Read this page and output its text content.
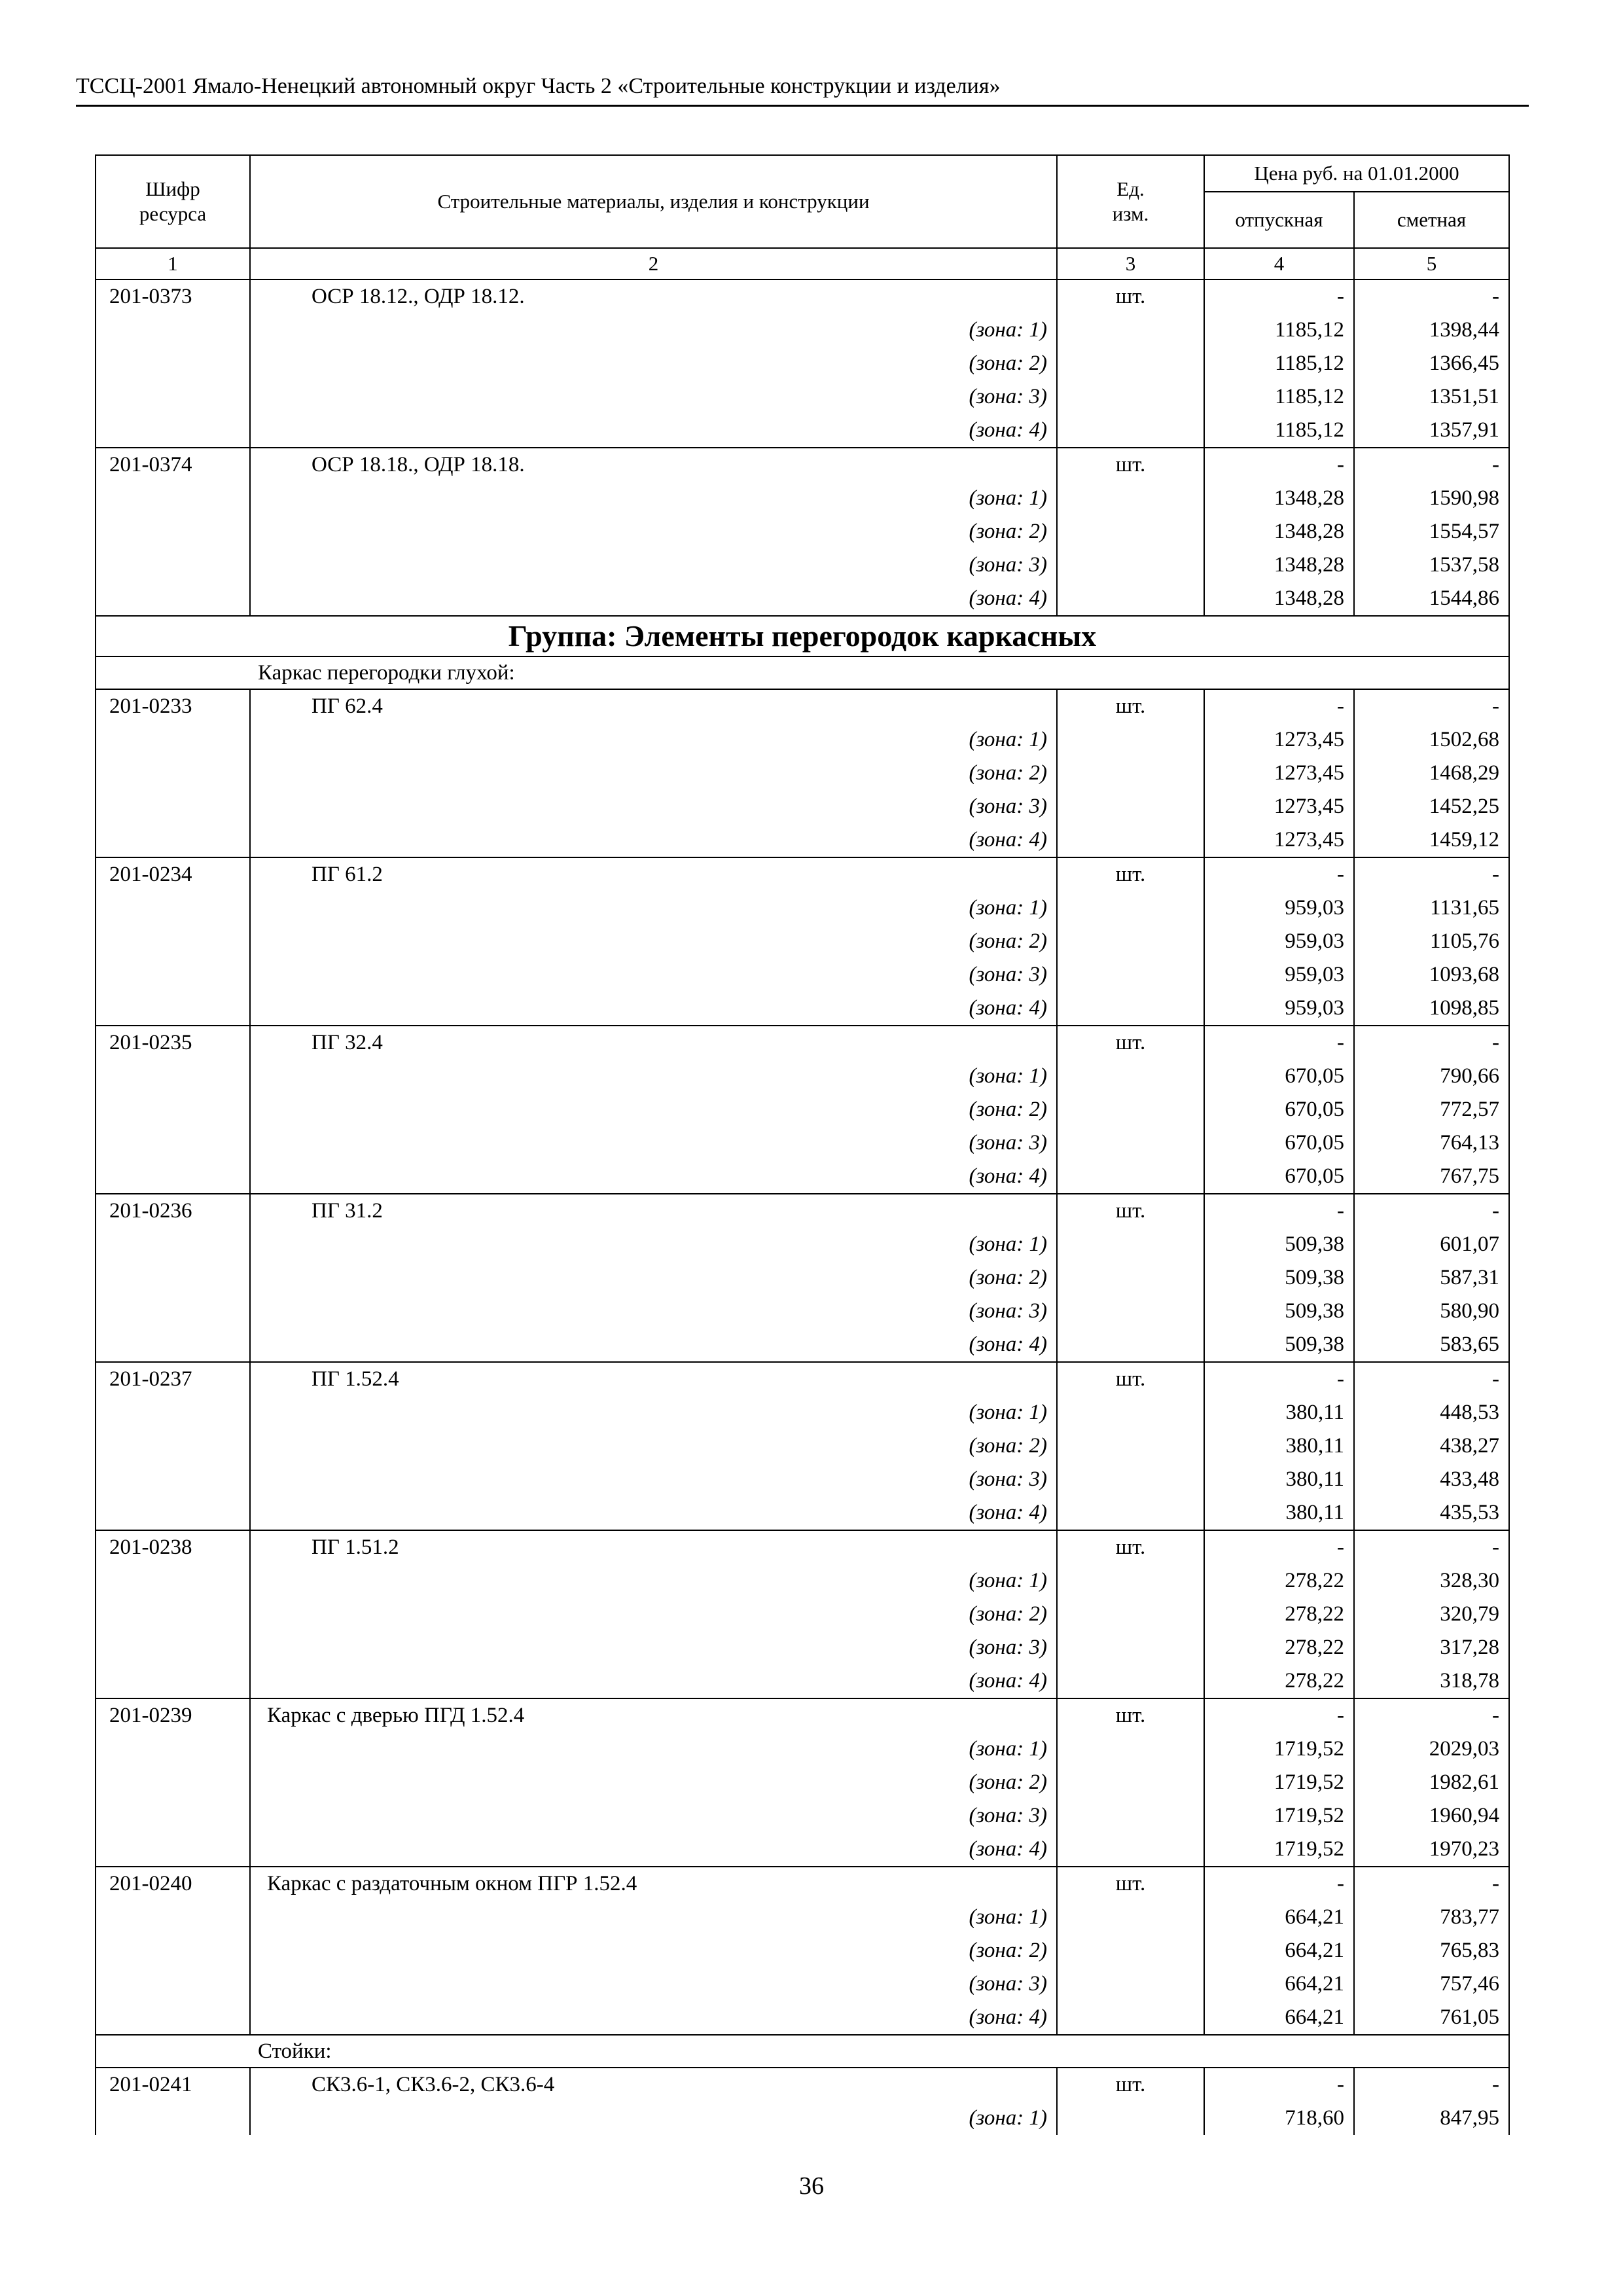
ТССЦ-2001 Ямало-Ненецкий автономный округ Часть 2 «Строительные конструкции и изделия»
Шифр ресурса	Строительные материалы, изделия и конструкции	Ед. изм.	Цена руб. на 01.01.2000	
			отпускная	сметная
1	2	3	4	5
201-0373	ОСР 18.12., ОДР 18.12.	шт.	-	-
	(зона: 1)		1185,12	1398,44
	(зона: 2)		1185,12	1366,45
	(зона: 3)		1185,12	1351,51
	(зона: 4)		1185,12	1357,91
201-0374	ОСР 18.18., ОДР 18.18.	шт.	-	-
	(зона: 1)		1348,28	1590,98
	(зона: 2)		1348,28	1554,57
	(зона: 3)		1348,28	1537,58
	(зона: 4)		1348,28	1544,86
Группа: Элементы перегородок каркасных				
Каркас перегородки глухой:				
201-0233	ПГ 62.4	шт.	-	-
	(зона: 1)		1273,45	1502,68
	(зона: 2)		1273,45	1468,29
	(зона: 3)		1273,45	1452,25
	(зона: 4)		1273,45	1459,12
201-0234	ПГ 61.2	шт.	-	-
	(зона: 1)		959,03	1131,65
	(зона: 2)		959,03	1105,76
	(зона: 3)		959,03	1093,68
	(зона: 4)		959,03	1098,85
201-0235	ПГ 32.4	шт.	-	-
	(зона: 1)		670,05	790,66
	(зона: 2)		670,05	772,57
	(зона: 3)		670,05	764,13
	(зона: 4)		670,05	767,75
201-0236	ПГ 31.2	шт.	-	-
	(зона: 1)		509,38	601,07
	(зона: 2)		509,38	587,31
	(зона: 3)		509,38	580,90
	(зона: 4)		509,38	583,65
201-0237	ПГ 1.52.4	шт.	-	-
	(зона: 1)		380,11	448,53
	(зона: 2)		380,11	438,27
	(зона: 3)		380,11	433,48
	(зона: 4)		380,11	435,53
201-0238	ПГ 1.51.2	шт.	-	-
	(зона: 1)		278,22	328,30
	(зона: 2)		278,22	320,79
	(зона: 3)		278,22	317,28
	(зона: 4)		278,22	318,78
201-0239	Каркас с дверью ПГД 1.52.4	шт.	-	-
	(зона: 1)		1719,52	2029,03
	(зона: 2)		1719,52	1982,61
	(зона: 3)		1719,52	1960,94
	(зона: 4)		1719,52	1970,23
201-0240	Каркас с раздаточным окном ПГР 1.52.4	шт.	-	-
	(зона: 1)		664,21	783,77
	(зона: 2)		664,21	765,83
	(зона: 3)		664,21	757,46
	(зона: 4)		664,21	761,05
Стойки:				
201-0241	СК3.6-1, СК3.6-2, СК3.6-4	шт.	-	-
	(зона: 1)		718,60	847,95
36
